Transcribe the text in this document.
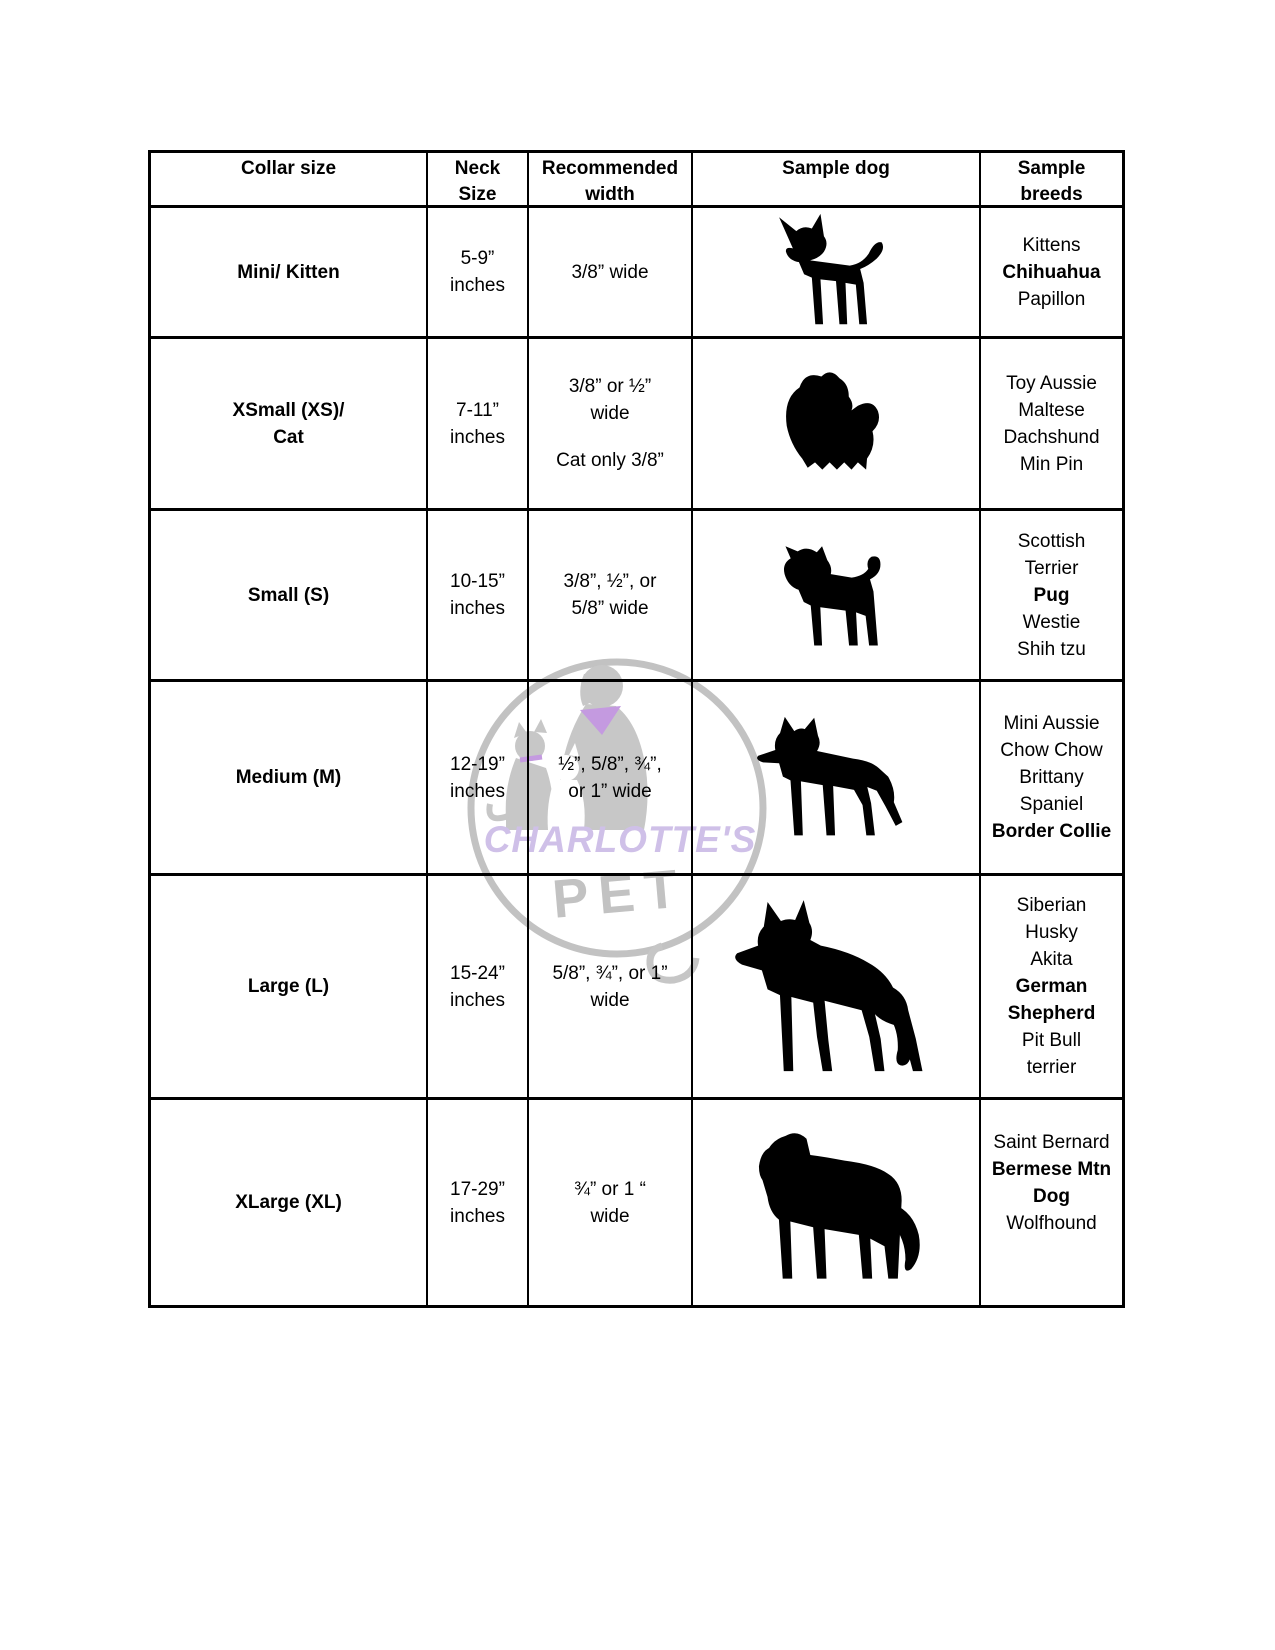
CHARLOTTE'S
PET
Collar size	Neck
Size
Recommended
width
Sample dog	Sample
breeds
Mini/ Kitten
5-9”
inches
3/8” wide
Kittens
Chihuahua
Papillon
XSmall (XS)/
Cat
7-11”
inches
3/8” or ½”
wide
Cat only 3/8”
Toy Aussie
Maltese
Dachshund
Min Pin
Small (S)
10-15”
inches
3/8”, ½”, or
5/8” wide
Scottish
Terrier
Pug
Westie
Shih tzu
Medium (M)
12-19”
inches
½”, 5/8”, ¾”,
or 1” wide
Mini Aussie
Chow Chow
Brittany
Spaniel
Border Collie
Large (L)
15-24”
inches
5/8”, ¾”, or 1”
wide
Siberian
Husky
Akita
German
Shepherd
Pit Bull
terrier
XLarge (XL)
17-29”
inches
¾” or 1 “
wide
Saint Bernard
Bermese Mtn
Dog
Wolfhound
